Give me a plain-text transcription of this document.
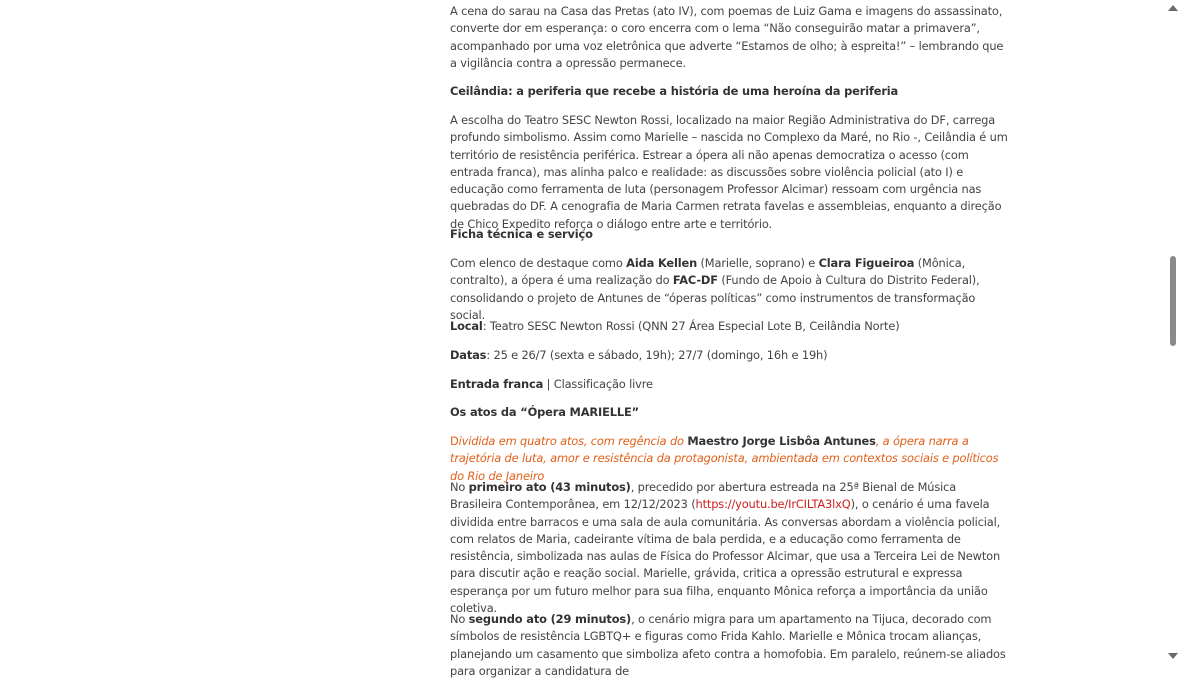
A cena do sarau na Casa das Pretas (ato IV), com poemas de Luiz Gama e imagens do assassinato, converte dor em esperança: o coro encerra com o lema “Não conseguirão matar a primavera”, acompanhado por uma voz eletrônica que adverte “Estamos de olho; à espreita!” – lembrando que a vigilância contra a opressão permanece.

Ceilândia: a periferia que recebe a história de uma heroína da periferia

A escolha do Teatro SESC Newton Rossi, localizado na maior Região Administrativa do DF, carrega profundo simbolismo. Assim como Marielle – nascida no Complexo da Maré, no Rio -, Ceilândia é um território de resistência periférica. Estrear a ópera ali não apenas democratiza o acesso (com entrada franca), mas alinha palco e realidade: as discussões sobre violência policial (ato I) e educação como ferramenta de luta (personagem Professor Alcimar) ressoam com urgência nas quebradas do DF. A cenografia de Maria Carmen retrata favelas e assembleias, enquanto a direção de Chico Expedito reforça o diálogo entre arte e território.

Ficha técnica e serviço

Com elenco de destaque como Aida Kellen (Marielle, soprano) e Clara Figueiroa (Mônica, contralto), a ópera é uma realização do FAC-DF (Fundo de Apoio à Cultura do Distrito Federal), consolidando o projeto de Antunes de “óperas políticas” como instrumentos de transformação social.

Local: Teatro SESC Newton Rossi (QNN 27 Área Especial Lote B, Ceilândia Norte)

Datas: 25 e 26/7 (sexta e sábado, 19h); 27/7 (domingo, 16h e 19h)

Entrada franca | Classificação livre

Os atos da “Ópera MARIELLE”

Dividida em quatro atos, com regência do Maestro Jorge Lisbôa Antunes, a ópera narra a trajetória de luta, amor e resistência da protagonista, ambientada em contextos sociais e políticos do Rio de Janeiro

No primeiro ato (43 minutos), precedido por abertura estreada na 25ª Bienal de Música Brasileira Contemporânea, em 12/12/2023 (https://youtu.be/IrCILTA3lxQ), o cenário é uma favela dividida entre barracos e uma sala de aula comunitária. As conversas abordam a violência policial, com relatos de Maria, cadeirante vítima de bala perdida, e a educação como ferramenta de resistência, simbolizada nas aulas de Física do Professor Alcimar, que usa a Terceira Lei de Newton para discutir ação e reação social. Marielle, grávida, critica a opressão estrutural e expressa esperança por um futuro melhor para sua filha, enquanto Mônica reforça a importância da união coletiva.

No segundo ato (29 minutos), o cenário migra para um apartamento na Tijuca, decorado com símbolos de resistência LGBTQ+ e figuras como Frida Kahlo. Marielle e Mônica trocam alianças, planejando um casamento que simboliza afeto contra a homofobia. Em paralelo, reúnem-se aliados para organizar a candidatura de
